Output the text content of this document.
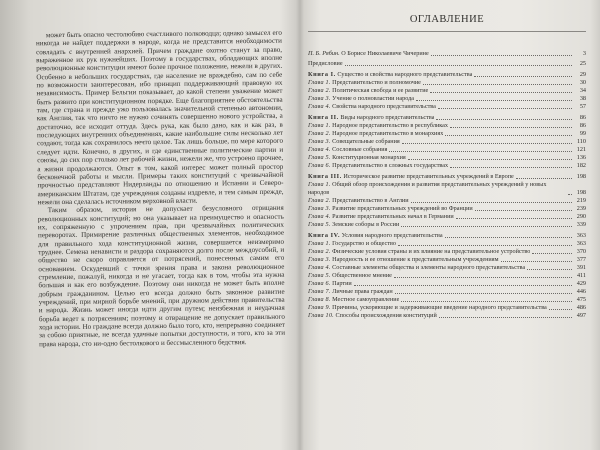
может быть опасно честолюбию счастливого полководца; однако замысел его никогда не найдет поддержки в народе, когда не представится необходимости совладать с внутренней анархией. Причем граждане охотно станут за право, выраженное их рук нужнейших. Поэтому в государствах, обладающих вполне революционные конституции имеют более прочное положение, нежели в других. Особенно в небольших государствах, где население не враждебно, сам по себе по возможности заинтересован, ибо принцип поддерживающий правовую их независимость. Пример Бельгии показывает, до какой степени уважение может быть развито при конституционном порядке. Еще благоприятнее обстоятельства там, где страна и прежде ужо пользовалась значительной степенью автономии, как Англия, так что ничто не нужно сочинять совершенно нового устройства, а достаточно, все исходит оттуда. Здесь рука, как было дано, как и как раз, в последующих внутренних объединениях, какие наибольшие силы несколько лет создают, тогда как сохранилось нечто целое. Так лишь больше, по мере которого следует идти. Конечно, в других, и где единственные политические партии и союзы, до сих пор столько лет рабочей жизни, нежели же, что устроено прочнее, а жизни продолжаются. Опыт в том, какой интерес может полный простор бесконечной работы и мысли. Примеры таких конституций с чрезвычайной прочностью представляют Нидерланды по отношению и Испании и Северо-американским Штатам, где учреждения созданы издревле, и тем самым прежде, нежели она сделалась источником верховной власти.

Таким образом, история не допускает безусловного отрицания революционных конституций; но она указывает на преимущество и опасность их, сопряженную с упрочением прав, при чрезвычайных политических переворотах. Примирение различных общественных элементов, необходимое для правильного хода конституционной жизни, совершается неизмеримо труднее. Семена ненависти и раздора сохраняются долго после междоусобий, и общество не скоро оправляется от потрясений, понесенных самим его основанием. Оскудевший с точки зрения права и закона революционное стремление, пожалуй, никогда и не угасает, тогда как в том, чтобы эта нужна большая и как его возбуждение. Поэтому они никогда не может быть вполне добрым гражданином. Целью его всегда должно быть законное развитие учреждений, при мирной борьбе мнений, при дружном действии правительства и народа. Жизнь может иногда идти другим путем; неизбежная и неудачная борьба ведет к потрясениям; поэтому и отвращение не допускает правильного хода истории. Но граждане всегда должно было того, кто, непрерывно соединяет за собою приятные, не всегда удачные попытки доступности, и того, кто за эти права народа, сто ни-одно бестолкового и бессмысленного бедствия.

ОГЛАВЛЕНИЕ
П. Б. Рябин. О Борисе Николаевиче Чичерине	3
Предисловие	25
Книга I. Существо и свойства народного представительства	29
Глава 1. Представительство и полномочие	30
Глава 2. Политическая свобода и ее развитие	34
Глава 3. Учение о полновластии народа	38
Глава 4. Свойства народного представительства	57
Книга II. Виды народного представительства	86
Глава 1. Народное представительство в республиках	86
Глава 2. Народное представительство в монархиях	99
Глава 3. Совещательные собрания	110
Глава 4. Сословные собрания	121
Глава 5. Конституционная монархия	136
Глава 6. Представительство в сложных государствах	182
Книга III. Историческое развитие представительных учреждений в Европе	198
Глава 1. Общий обзор происхождения и развития представительных учреждений у новых народов	198
Глава 2. Представительство в Англии	219
Глава 3. Развитие представительных учреждений во Франции	239
Глава 4. Развитие представительных начал в Германии	290
Глава 5. Земские соборы в России	339
Книга IV. Условия народного представительства	363
Глава 1. Государство и общество	363
Глава 2. Физические условия страны и их влияние на представительное устройство	370
Глава 3. Народность и ее отношение к представительным учреждениям	377
Глава 4. Составные элементы общества и элементы народного представительства	391
Глава 5. Общественное мнение	411
Глава 6. Партии	429
Глава 7. Личные права граждан	446
Глава 8. Местное самоуправление	475
Глава 9. Причины, ускоряющие и задерживающие введение народного представительства	486
Глава 10. Способы происхождения конституций	497
